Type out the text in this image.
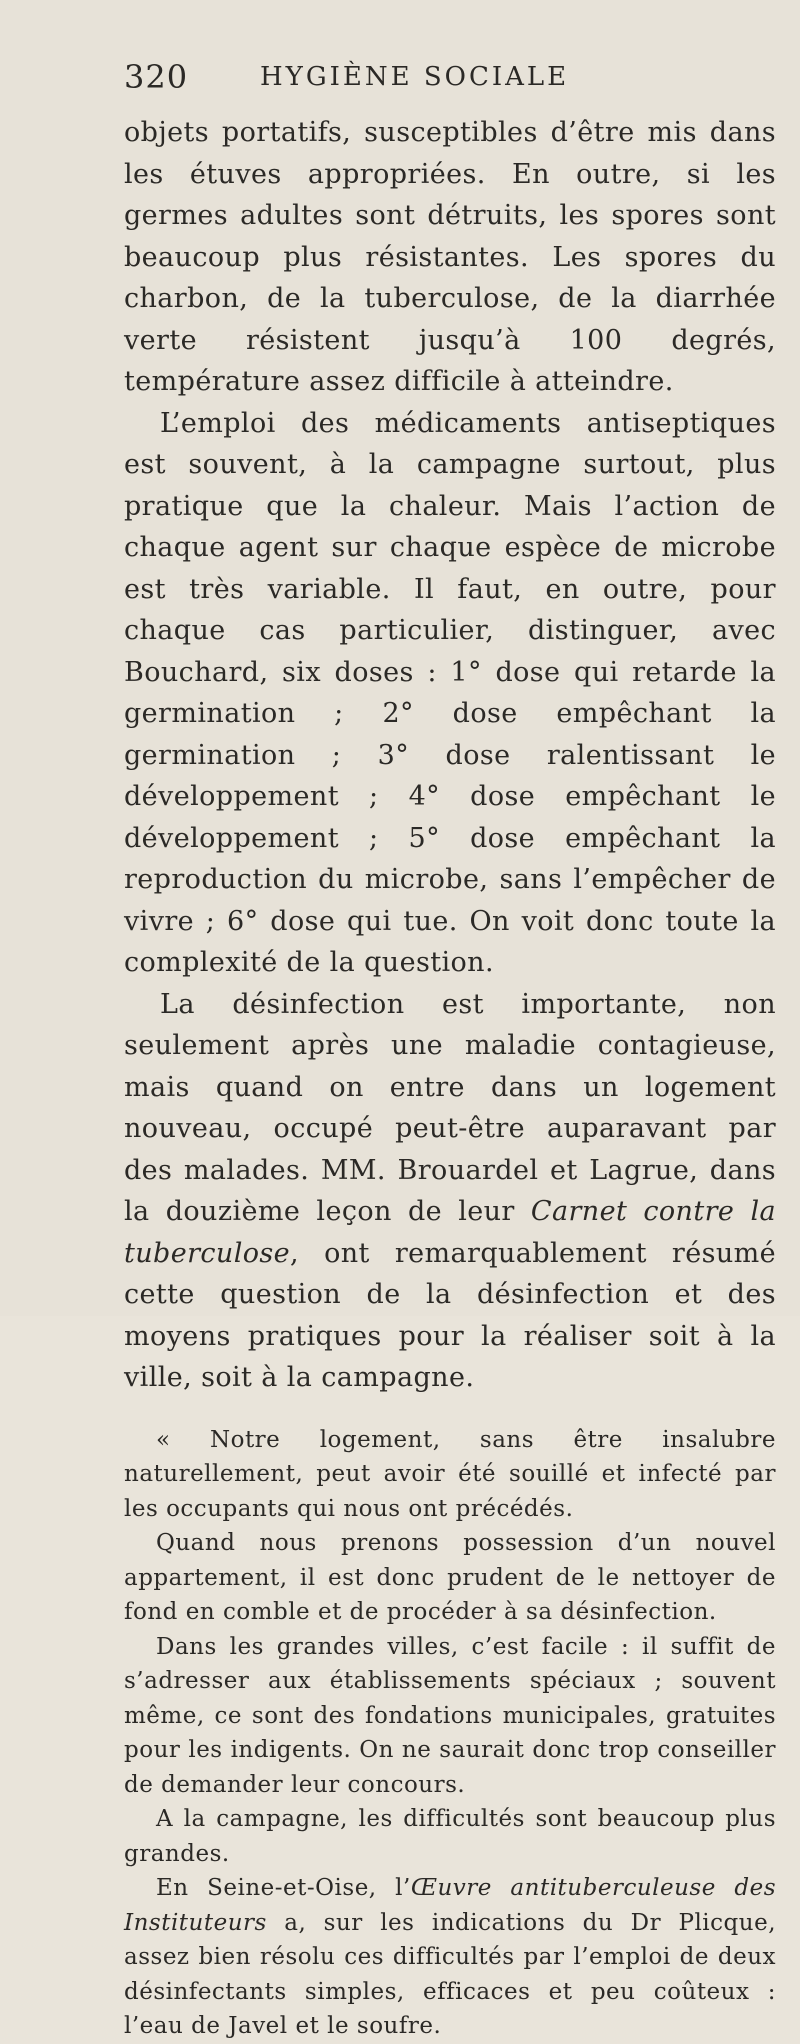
320	HYGIÈNE SOCIALE

objets portatifs, susceptibles d’être mis dans les étuves appropriées. En outre, si les germes adultes sont détruits, les spores sont beaucoup plus résistantes. Les spores du charbon, de la tuberculose, de la diarrhée verte résistent jusqu’à 100 degrés, température assez difficile à atteindre.

L’emploi des médicaments antiseptiques est souvent, à la campagne surtout, plus pratique que la chaleur. Mais l’action de chaque agent sur chaque espèce de microbe est très variable. Il faut, en outre, pour chaque cas particulier, distinguer, avec Bouchard, six doses : 1° dose qui retarde la germination ; 2° dose empêchant la germination ; 3° dose ralentissant le développement ; 4° dose empêchant le développement ; 5° dose empêchant la reproduction du microbe, sans l’empêcher de vivre ; 6° dose qui tue. On voit donc toute la complexité de la question.

La désinfection est importante, non seulement après une maladie contagieuse, mais quand on entre dans un logement nouveau, occupé peut-être auparavant par des malades. MM. Brouardel et Lagrue, dans la douzième leçon de leur Carnet contre la tuberculose, ont remarquablement résumé cette question de la désinfection et des moyens pratiques pour la réaliser soit à la ville, soit à la campagne.

« Notre logement, sans être insalubre naturellement, peut avoir été souillé et infecté par les occupants qui nous ont précédés.

Quand nous prenons possession d’un nouvel appartement, il est donc prudent de le nettoyer de fond en comble et de procéder à sa désinfection.

Dans les grandes villes, c’est facile : il suffit de s’adresser aux établissements spéciaux ; souvent même, ce sont des fondations municipales, gratuites pour les indigents. On ne saurait donc trop conseiller de demander leur concours.

A la campagne, les difficultés sont beaucoup plus grandes.

En Seine-et-Oise, l’Œuvre antituberculeuse des Instituteurs a, sur les indications du Dr Plicque, assez bien résolu ces difficultés par l’emploi de deux désinfectants simples, efficaces et peu coûteux : l’eau de Javel et le soufre.
